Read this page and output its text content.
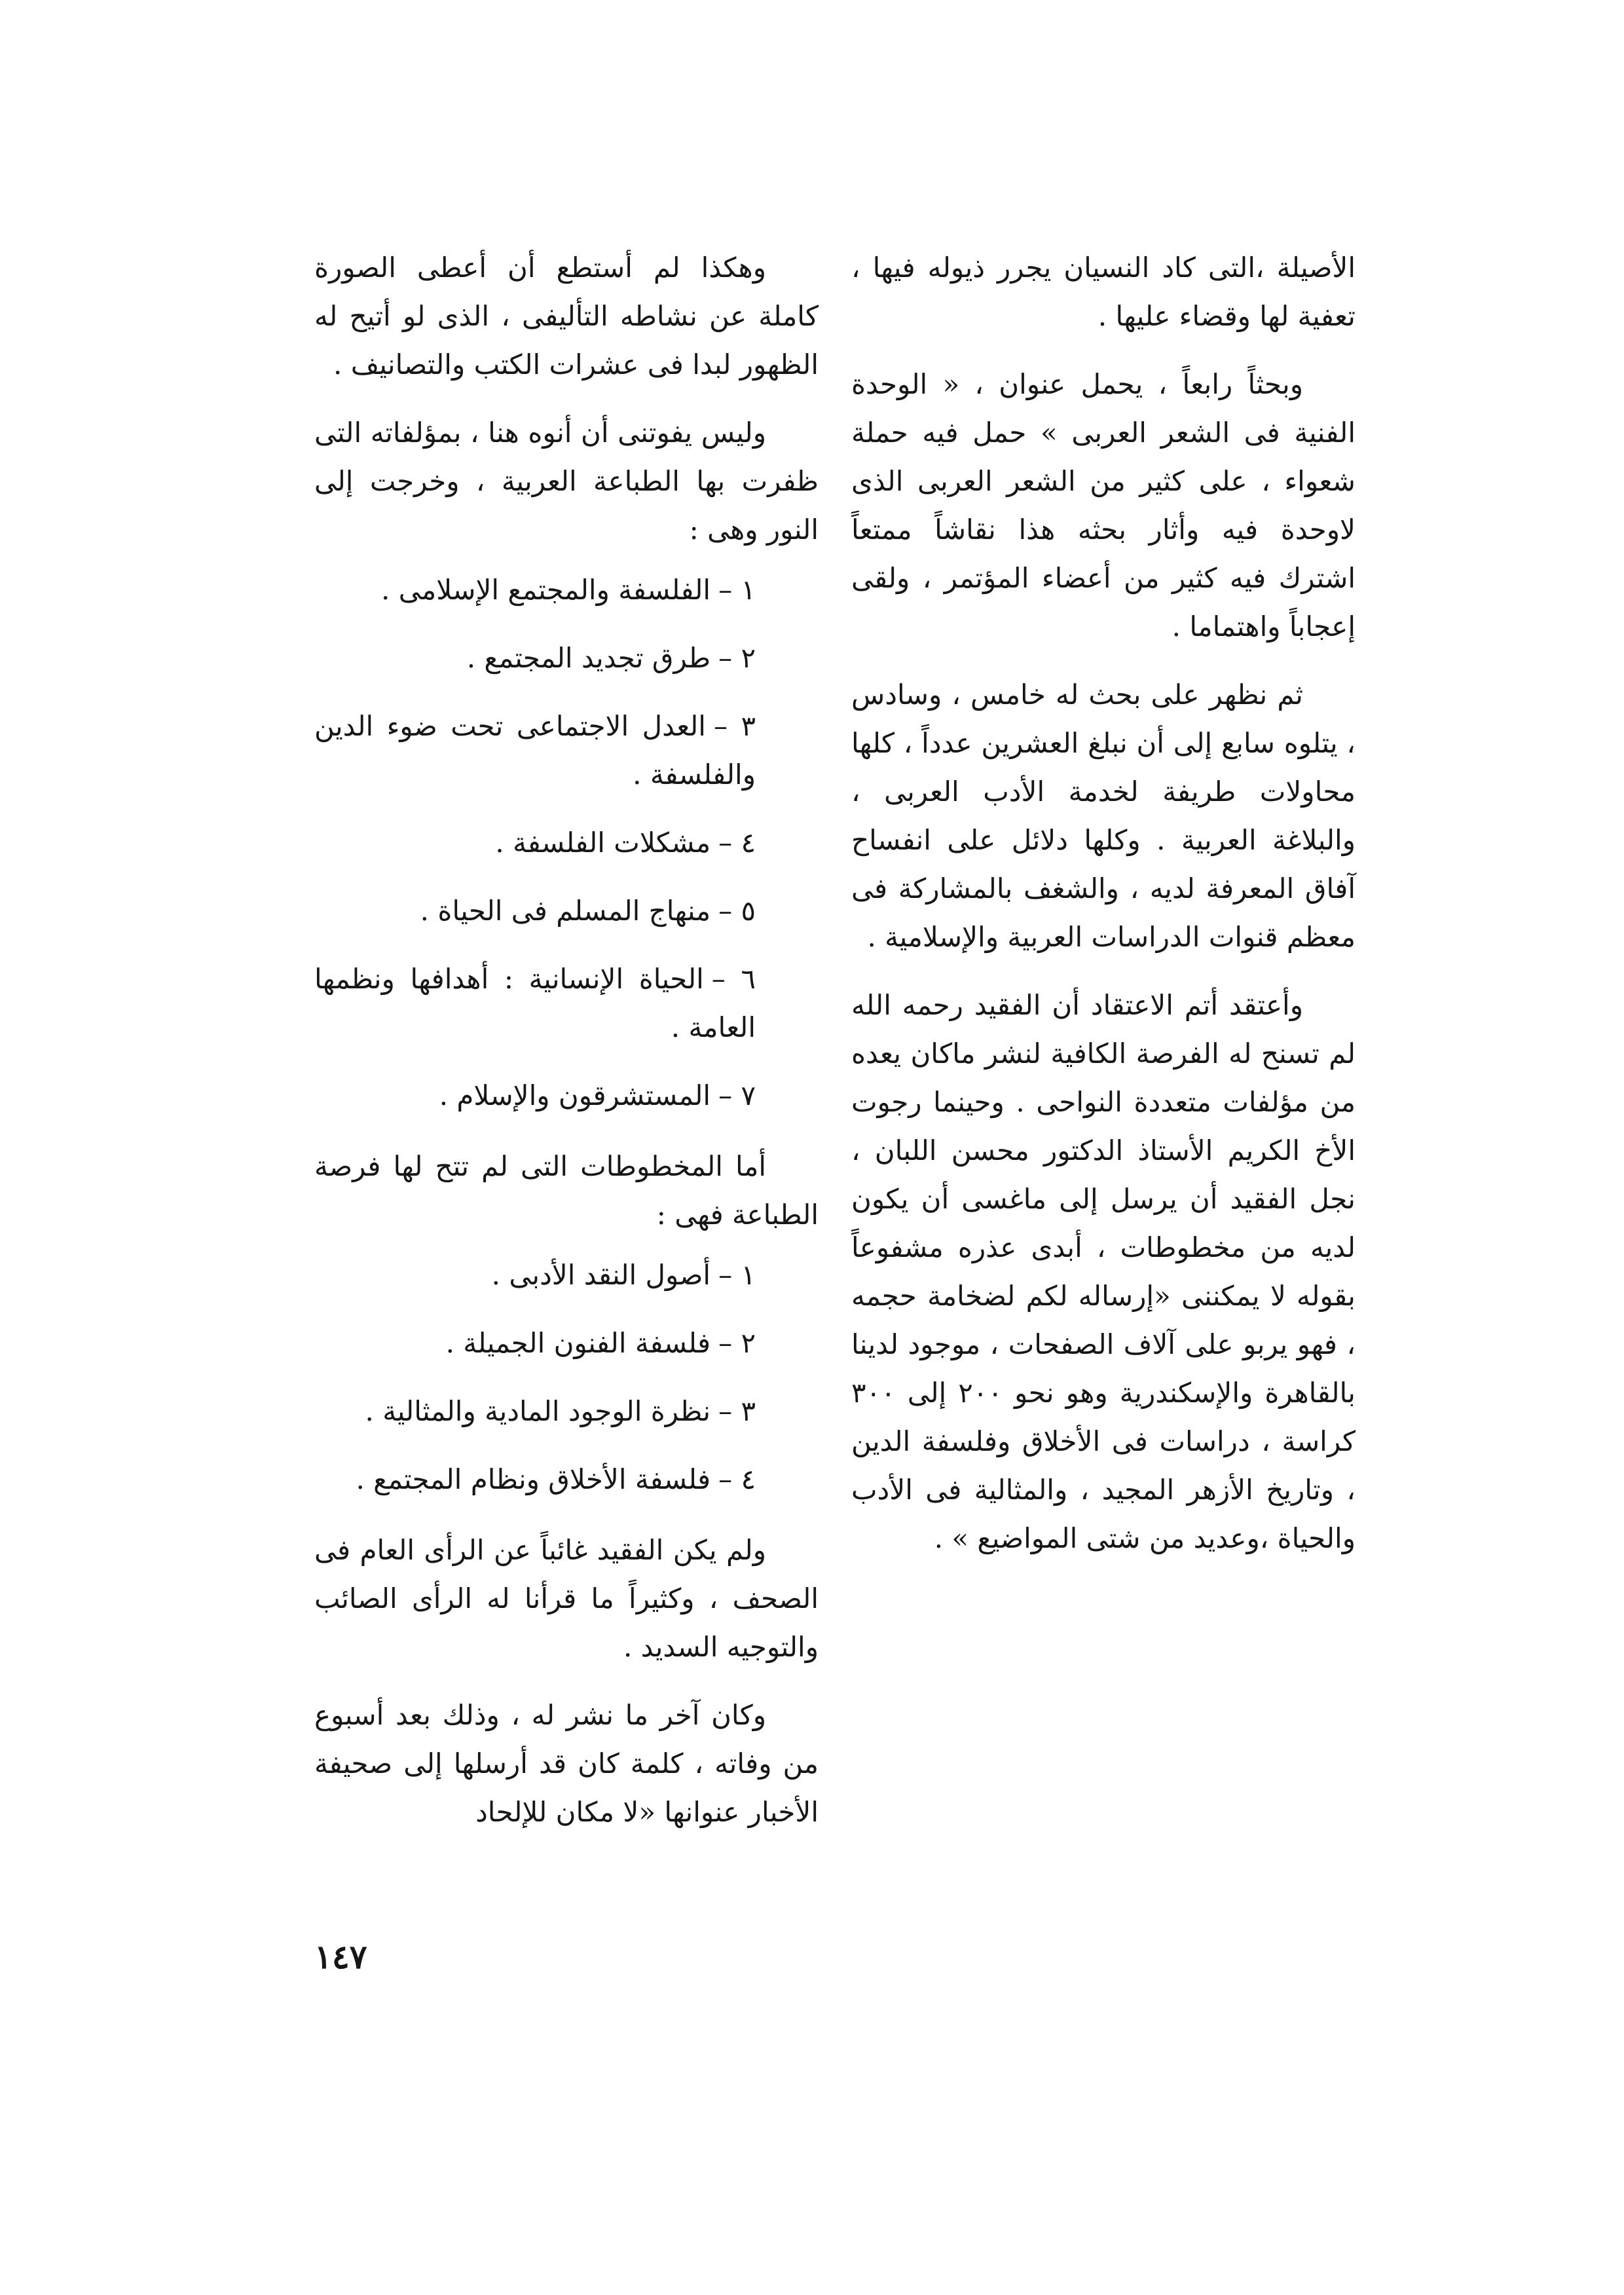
الأصيلة ،التى كاد النسيان يجرر ذيوله فيها ، تعفية لها وقضاء عليها .

وبحثاً رابعاً ، يحمل عنوان ، « الوحدة الفنية فى الشعر العربى » حمل فيه حملة شعواء ، على كثير من الشعر العربى الذى لاوحدة فيه وأثار بحثه هذا نقاشاً ممتعاً اشترك فيه كثير من أعضاء المؤتمر ، ولقى إعجاباً واهتماما .

ثم نظهر على بحث له خامس ، وسادس ، يتلوه سابع إلى أن نبلغ العشرين عدداً ، كلها محاولات طريفة لخدمة الأدب العربى ، والبلاغة العربية . وكلها دلائل على انفساح آفاق المعرفة لديه ، والشغف بالمشاركة فى معظم قنوات الدراسات العربية والإسلامية .

وأعتقد أتم الاعتقاد أن الفقيد رحمه الله لم تسنح له الفرصة الكافية لنشر ماكان يعده من مؤلفات متعددة النواحى . وحينما رجوت الأخ الكريم الأستاذ الدكتور محسن اللبان ، نجل الفقيد أن يرسل إلى ماغسى أن يكون لديه من مخطوطات ، أبدى عذره مشفوعاً بقوله لا يمكننى «إرساله لكم لضخامة حجمه ، فهو يربو على آلاف الصفحات ، موجود لدينا بالقاهرة والإسكندرية وهو نحو ٢٠٠ إلى ٣٠٠ كراسة ، دراسات فى الأخلاق وفلسفة الدين ، وتاريخ الأزهر المجيد ، والمثالية فى الأدب والحياة ،وعديد من شتى المواضيع » .

وهكذا لم أستطع أن أعطى الصورة كاملة عن نشاطه التأليفى ، الذى لو أتيح له الظهور لبدا فى عشرات الكتب والتصانيف .

وليس يفوتنى أن أنوه هنا ، بمؤلفاته التى ظفرت بها الطباعة العربية ، وخرجت إلى النور وهى :

١ –الفلسفة والمجتمع الإسلامى .
٢ –طرق تجديد المجتمع .
٣ –العدل الاجتماعى تحت ضوء الدين والفلسفة .
٤ –مشكلات الفلسفة .
٥ –منهاج المسلم فى الحياة .
٦ –الحياة الإنسانية : أهدافها ونظمها العامة .
٧ –المستشرقون والإسلام .

أما المخطوطات التى لم تتح لها فرصة الطباعة فهى :

١ –أصول النقد الأدبى .
٢ –فلسفة الفنون الجميلة .
٣ –نظرة الوجود المادية والمثالية .
٤ –فلسفة الأخلاق ونظام المجتمع .

ولم يكن الفقيد غائباً عن الرأى العام فى الصحف ، وكثيراً ما قرأنا له الرأى الصائب والتوجيه السديد .

وكان آخر ما نشر له ، وذلك بعد أسبوع من وفاته ، كلمة كان قد أرسلها إلى صحيفة الأخبار عنوانها «لا مكان للإلحاد

١٤٧
